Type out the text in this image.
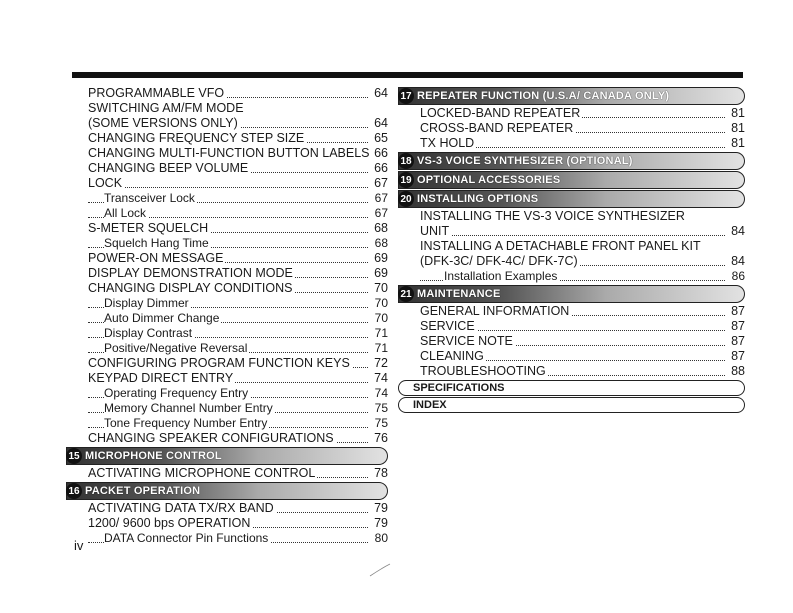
PROGRAMMABLE VFO	64
SWITCHING AM/FM MODE
(SOME VERSIONS ONLY)	64
CHANGING FREQUENCY STEP SIZE	65
CHANGING MULTI-FUNCTION BUTTON LABELS 66
CHANGING BEEP VOLUME	66
LOCK	67
Transceiver Lock	67
All Lock	67
S-METER SQUELCH	68
Squelch Hang Time	68
POWER-ON MESSAGE	69
DISPLAY DEMONSTRATION MODE	69
CHANGING DISPLAY CONDITIONS	70
Display Dimmer	70
Auto Dimmer Change	70
Display Contrast	71
Positive/Negative Reversal	71
CONFIGURING PROGRAM FUNCTION KEYS 72
KEYPAD DIRECT ENTRY	74
Operating Frequency Entry	74
Memory Channel Number Entry	75
Tone Frequency Number Entry	75
CHANGING SPEAKER CONFIGURATIONS	76
15 MICROPHONE CONTROL
ACTIVATING MICROPHONE CONTROL	78
16 PACKET OPERATION
ACTIVATING DATA TX/RX BAND	79
1200/ 9600 bps OPERATION	79
DATA Connector Pin Functions	80
17 REPEATER FUNCTION (U.S.A/ CANADA ONLY)
LOCKED-BAND REPEATER	81
CROSS-BAND REPEATER	81
TX HOLD	81
18 VS-3 VOICE SYNTHESIZER (OPTIONAL)
19 OPTIONAL ACCESSORIES
20 INSTALLING OPTIONS
INSTALLING THE VS-3 VOICE SYNTHESIZER
UNIT	84
INSTALLING A DETACHABLE FRONT PANEL KIT
(DFK-3C/ DFK-4C/ DFK-7C)	84
Installation Examples	86
21 MAINTENANCE
GENERAL INFORMATION	87
SERVICE	87
SERVICE NOTE	87
CLEANING	87
TROUBLESHOOTING	88
SPECIFICATIONS
INDEX
iv
